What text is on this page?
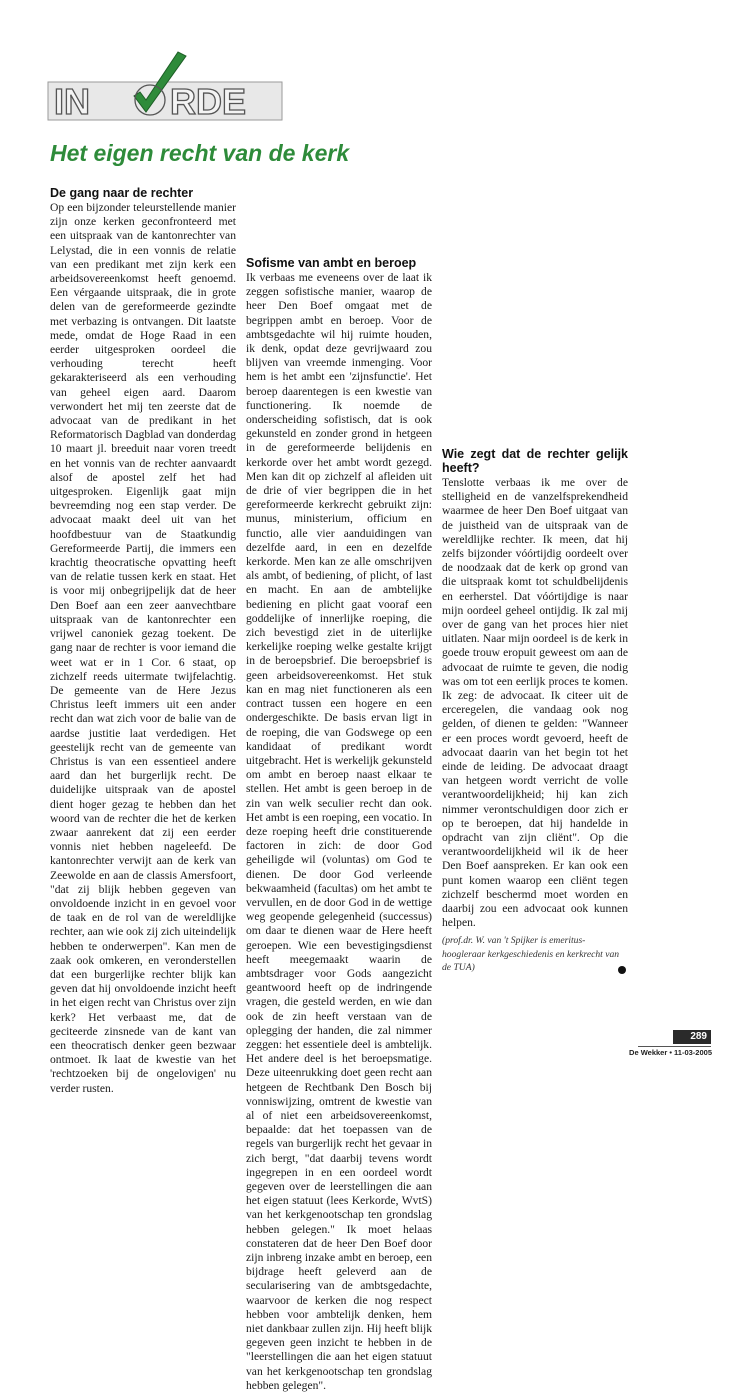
IN RDE
Het eigen recht van de kerk
De gang naar de rechter

Op een bijzonder teleurstellende manier zijn onze kerken geconfronteerd met een uitspraak van de kantonrechter van Lelystad, die in een vonnis de relatie van een predikant met zijn kerk een arbeidsovereenkomst heeft genoemd. Een vérgaande uitspraak, die in grote delen van de gereformeerde gezindte met verbazing is ontvangen. Dit laatste mede, omdat de Hoge Raad in een eerder uitgesproken oordeel die verhouding terecht heeft gekarakteriseerd als een verhouding van geheel eigen aard. Daarom verwondert het mij ten zeerste dat de advocaat van de predikant in het Reformatorisch Dagblad van donderdag 10 maart jl. breeduit naar voren treedt en het vonnis van de rechter aanvaardt alsof de apostel zelf het had uitgesproken. Eigenlijk gaat mijn bevreemding nog een stap verder. De advocaat maakt deel uit van het hoofdbestuur van de Staatkundig Gereformeerde Partij, die immers een krachtig theocratische opvatting heeft van de relatie tussen kerk en staat. Het is voor mij onbegrijpelijk dat de heer Den Boef aan een zeer aanvechtbare uitspraak van de kantonrechter een vrijwel canoniek gezag toekent. De gang naar de rechter is voor iemand die weet wat er in 1 Cor. 6 staat, op zichzelf reeds uitermate twijfelachtig. De gemeente van de Here Jezus Christus leeft immers uit een ander recht dan wat zich voor de balie van de aardse justitie laat verdedigen. Het geestelijk recht van de gemeente van Christus is van een essentieel andere aard dan het burgerlijk recht. De duidelijke uitspraak van de apostel dient hoger gezag te hebben dan het woord van de rechter die het de kerken zwaar aanrekent dat zij een eerder vonnis niet hebben nageleefd. De kantonrechter verwijt aan de kerk van Zeewolde en aan de classis Amersfoort, "dat zij blijk hebben gegeven van onvoldoende inzicht in en gevoel voor de taak en de rol van de wereldlijke rechter, aan wie ook zij zich uiteindelijk hebben te onderwerpen". Kan men de zaak ook omkeren, en veronderstellen dat een burgerlijke rechter blijk kan geven dat hij onvoldoende inzicht heeft in het eigen recht van Christus over zijn kerk? Het verbaast me, dat de geciteerde zinsnede van de kant van een theocratisch denker geen bezwaar ontmoet. Ik laat de kwestie van het 'rechtzoeken bij de ongelovigen' nu verder rusten.

Sofisme van ambt en beroep

Ik verbaas me eveneens over de laat ik zeggen sofistische manier, waarop de heer Den Boef omgaat met de begrippen ambt en beroep. Voor de ambtsgedachte wil hij ruimte houden, ik denk, opdat deze gevrijwaard zou blijven van vreemde inmenging. Voor hem is het ambt een 'zijnsfunctie'. Het beroep daarentegen is een kwestie van functionering. Ik noemde de onderscheiding sofistisch, dat is ook gekunsteld en zonder grond in hetgeen in de gereformeerde belijdenis en kerkorde over het ambt wordt gezegd. Men kan dit op zichzelf al afleiden uit de drie of vier begrippen die in het gereformeerde kerkrecht gebruikt zijn: munus, ministerium, officium en functio, alle vier aanduidingen van dezelfde aard, in een en dezelfde kerkorde. Men kan ze alle omschrijven als ambt, of bediening, of plicht, of last en macht. En aan de ambtelijke bediening en plicht gaat vooraf een goddelijke of innerlijke roeping, die zich bevestigd ziet in de uiterlijke kerkelijke roeping welke gestalte krijgt in de beroepsbrief. Die beroepsbrief is geen arbeidsovereenkomst. Het stuk kan en mag niet functioneren als een contract tussen een hogere en een ondergeschikte. De basis ervan ligt in de roeping, die van Godswege op een kandidaat of predikant wordt uitgebracht. Het is werkelijk gekunsteld om ambt en beroep naast elkaar te stellen. Het ambt is geen beroep in de zin van welk seculier recht dan ook. Het ambt is een roeping, een vocatio. In deze roeping heeft drie constituerende factoren in zich: de door God geheiligde wil (voluntas) om God te dienen. De door God verleende bekwaamheid (facultas) om het ambt te vervullen, en de door God in de wettige weg geopende gelegenheid (successus) om daar te dienen waar de Here heeft geroepen. Wie een bevestigingsdienst heeft meegemaakt waarin de ambtsdrager voor Gods aangezicht geantwoord heeft op de indringende vragen, die gesteld werden, en wie dan ook de zin heeft verstaan van de oplegging der handen, die zal nimmer zeggen: het essentiele deel is ambtelijk. Het andere deel is het beroepsmatige. Deze uiteenrukking doet geen recht aan hetgeen de Rechtbank Den Bosch bij vonniswijzing, omtrent de kwestie van al of niet een arbeidsovereenkomst, bepaalde: dat het toepassen van de regels van burgerlijk recht het gevaar in zich bergt, "dat daarbij tevens wordt ingegrepen in en een oordeel wordt gegeven over de leerstellingen die aan het eigen statuut (lees Kerkorde, WvtS) van het kerkgenootschap ten grondslag hebben gelegen." Ik moet helaas constateren dat de heer Den Boef door zijn inbreng inzake ambt en beroep, een bijdrage heeft geleverd aan de secularisering van de ambtsgedachte, waarvoor de kerken die nog respect hebben voor ambtelijk denken, hem niet dankbaar zullen zijn. Hij heeft blijk gegeven geen inzicht te hebben in de "leerstellingen die aan het eigen statuut van het kerkgenootschap ten grondslag hebben gelegen".

Wie zegt dat de rechter gelijk heeft?

Tenslotte verbaas ik me over de stelligheid en de vanzelfsprekendheid waarmee de heer Den Boef uitgaat van de juistheid van de uitspraak van de wereldlijke rechter. Ik meen, dat hij zelfs bijzonder vóórtijdig oordeelt over de noodzaak dat de kerk op grond van die uitspraak komt tot schuldbelijdenis en eerherstel. Dat vóórtijdige is naar mijn oordeel geheel ontijdig. Ik zal mij over de gang van het proces hier niet uitlaten. Naar mijn oordeel is de kerk in goede trouw eropuit geweest om aan de advocaat de ruimte te geven, die nodig was om tot een eerlijk proces te komen. Ik zeg: de advocaat. Ik citeer uit de erceregelen, die vandaag ook nog gelden, of dienen te gelden: "Wanneer er een proces wordt gevoerd, heeft de advocaat daarin van het begin tot het einde de leiding. De advocaat draagt van hetgeen wordt verricht de volle verantwoordelijkheid; hij kan zich nimmer verontschuldigen door zich er op te beroepen, dat hij handelde in opdracht van zijn cliënt". Op die verantwoordelijkheid wil ik de heer Den Boef aanspreken. Er kan ook een punt komen waarop een cliënt tegen zichzelf beschermd moet worden en daarbij zou een advocaat ook kunnen helpen.

(prof.dr. W. van 't Spijker is emeritus-hoogleraar kerkgeschiedenis en kerkrecht van de TUA)
289
De Wekker • 11-03-2005
